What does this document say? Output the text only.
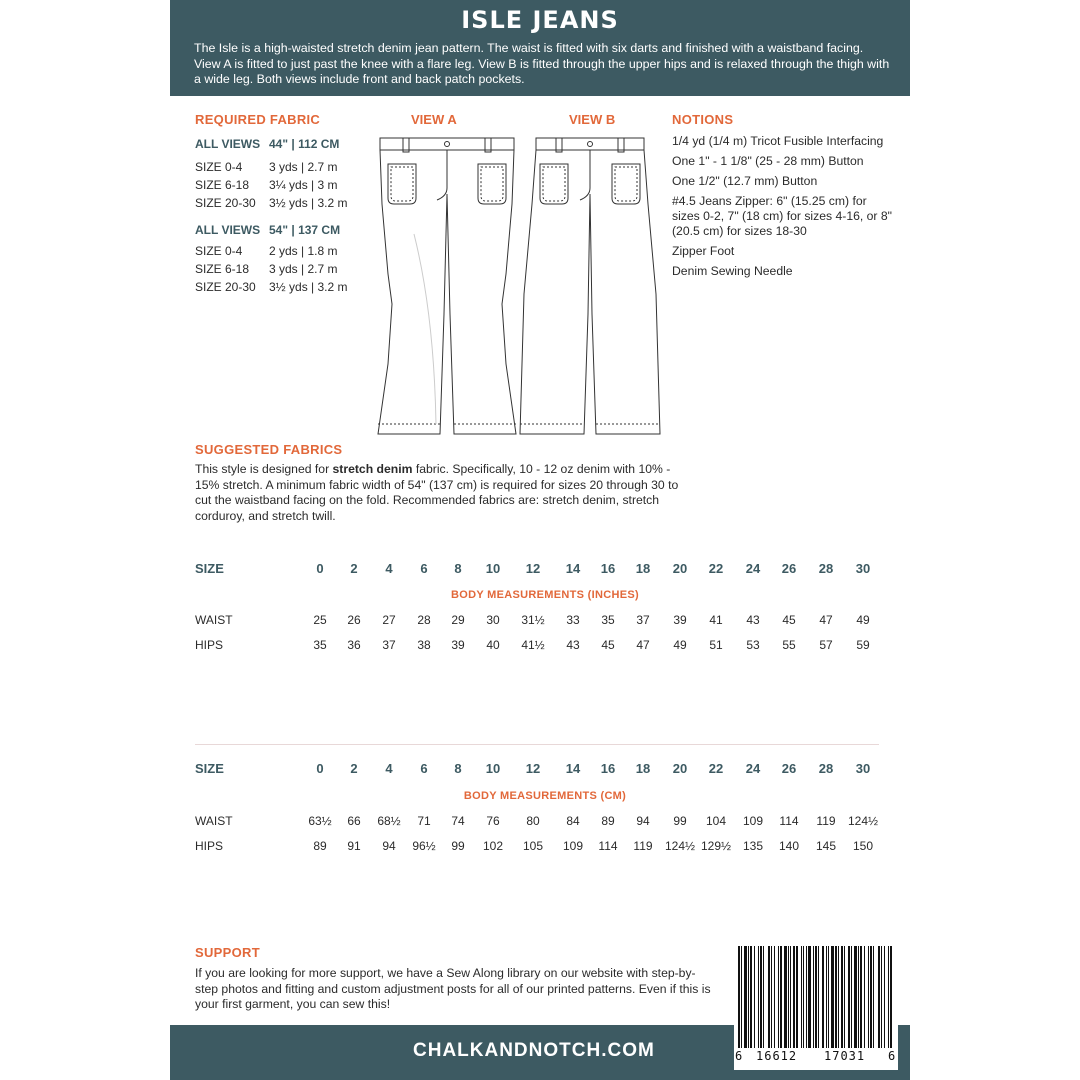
ISLE JEANS
The Isle is a high-waisted stretch denim jean pattern. The waist is fitted with six darts and finished with a waistband facing. View A is fitted to just past the knee with a flare leg. View B is fitted through the upper hips and is relaxed through the thigh with a wide leg. Both views include front and back patch pockets.
REQUIRED FABRIC
ALL VIEWS 44" | 112 CM
SIZE 0-4	3 yds | 2.7 m
SIZE 6-18	3¼ yds | 3 m
SIZE 20-30	3½ yds | 3.2 m
ALL VIEWS 54" | 137 CM
SIZE 0-4	2 yds | 1.8 m
SIZE 6-18	3 yds | 2.7 m
SIZE 20-30	3½ yds | 3.2 m
VIEW A	VIEW B	NOTIONS

1/4 yd (1/4 m) Tricot Fusible Interfacing

One 1" - 1 1/8" (25 - 28 mm) Button

One 1/2" (12.7 mm) Button

#4.5 Jeans Zipper: 6" (15.25 cm) for sizes 0-2, 7" (18 cm) for sizes 4-16, or 8" (20.5 cm) for sizes 18-30

Zipper Foot

Denim Sewing Needle

SUGGESTED FABRICS
This style is designed for stretch denim fabric. Specifically, 10 - 12 oz denim with 10% - 15% stretch. A minimum fabric width of 54" (137 cm) is required for sizes 20 through 30 to cut the waistband facing on the fold. Recommended fabrics are: stretch denim, stretch corduroy, and stretch twill.
SIZE	0	2	4	6	8	10	12	14	16	18	20	22	24	26	28	30
BODY MEASUREMENTS (INCHES)
WAIST	25	26	27	28	29	30	31½	33	35	37	39	41	43	45	47	49
HIPS	35	36	37	38	39	40	41½	43	45	47	49	51	53	55	57	59
SIZE	0	2	4	6	8	10	12	14	16	18	20	22	24	26	28	30
BODY MEASUREMENTS (CM)
WAIST	63½	66	68½	71	74	76	80	84	89	94	99	104	109	114	119	124½
HIPS	89	91	94	96½	99	102	105	109	114	119	124½ 129½ 135	140	145	150
SUPPORT
If you are looking for more support, we have a Sew Along library on our website with step-by-step photos and fitting and custom adjustment posts for all of our printed patterns. Even if this is your first garment, you can sew this!
CHALKANDNOTCH.COM	6 16612 17031 6
